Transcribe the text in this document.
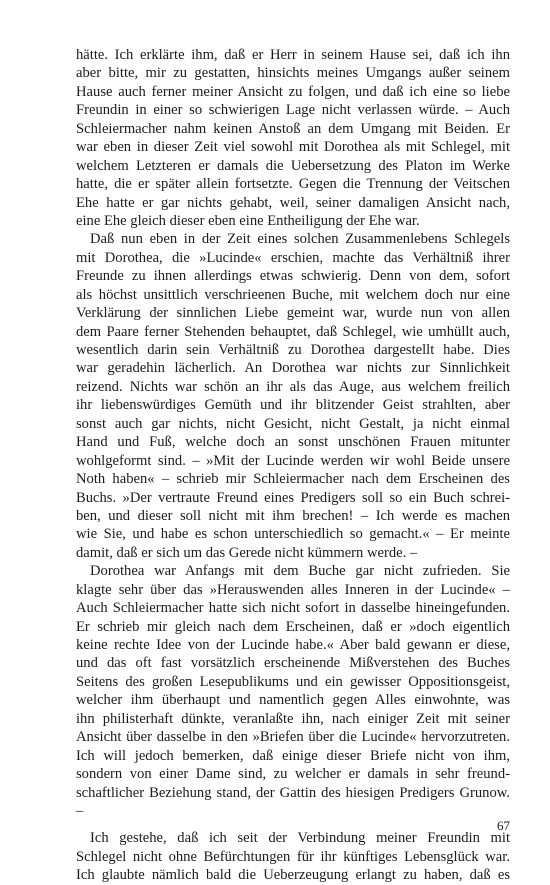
hätte. Ich erklärte ihm, daß er Herr in seinem Hause sei, daß ich ihn
aber bitte, mir zu gestatten, hinsichts meines Umgangs außer seinem
Hause auch ferner meiner Ansicht zu folgen, und daß ich eine so liebe
Freundin in einer so schwierigen Lage nicht verlassen würde. – Auch
Schleiermacher nahm keinen Anstoß an dem Umgang mit Beiden. Er
war eben in dieser Zeit viel sowohl mit Dorothea als mit Schlegel, mit
welchem Letzteren er damals die Uebersetzung des Platon im Werke
hatte, die er später allein fortsetzte. Gegen die Trennung der Veitschen
Ehe hatte er gar nichts gehabt, weil, seiner damaligen Ansicht nach,
eine Ehe gleich dieser eben eine Entheiligung der Ehe war.
Daß nun eben in der Zeit eines solchen Zusammenlebens Schlegels
mit Dorothea, die »Lucinde« erschien, machte das Verhältniß ihrer
Freunde zu ihnen allerdings etwas schwierig. Denn von dem, sofort
als höchst unsittlich verschrieenen Buche, mit welchem doch nur eine
Verklärung der sinnlichen Liebe gemeint war, wurde nun von allen
dem Paare ferner Stehenden behauptet, daß Schlegel, wie umhüllt auch,
wesentlich darin sein Verhältniß zu Dorothea dargestellt habe. Dies
war geradehin lächerlich. An Dorothea war nichts zur Sinnlichkeit
reizend. Nichts war schön an ihr als das Auge, aus welchem freilich
ihr liebenswürdiges Gemüth und ihr blitzender Geist strahlten, aber
sonst auch gar nichts, nicht Gesicht, nicht Gestalt, ja nicht einmal
Hand und Fuß, welche doch an sonst unschönen Frauen mitunter
wohlgeformt sind. – »Mit der Lucinde werden wir wohl Beide unsere
Noth haben« – schrieb mir Schleiermacher nach dem Erscheinen des
Buchs. »Der vertraute Freund eines Predigers soll so ein Buch schrei-
ben, und dieser soll nicht mit ihm brechen! – Ich werde es machen
wie Sie, und habe es schon unterschiedlich so gemacht.« – Er meinte
damit, daß er sich um das Gerede nicht kümmern werde. –
Dorothea war Anfangs mit dem Buche gar nicht zufrieden. Sie
klagte sehr über das »Herauswenden alles Inneren in der Lucinde« –
Auch Schleiermacher hatte sich nicht sofort in dasselbe hineingefunden.
Er schrieb mir gleich nach dem Erscheinen, daß er »doch eigentlich
keine rechte Idee von der Lucinde habe.« Aber bald gewann er diese,
und das oft fast vorsätzlich erscheinende Mißverstehen des Buches
Seitens des großen Lesepublikums und ein gewisser Oppositionsgeist,
welcher ihm überhaupt und namentlich gegen Alles einwohnte, was
ihn philisterhaft dünkte, veranlaßte ihn, nach einiger Zeit mit seiner
Ansicht über dasselbe in den »Briefen über die Lucinde« hervorzutreten.
Ich will jedoch bemerken, daß einige dieser Briefe nicht von ihm,
sondern von einer Dame sind, zu welcher er damals in sehr freund-
schaftlicher Beziehung stand, der Gattin des hiesigen Predigers Grunow.
–
Ich gestehe, daß ich seit der Verbindung meiner Freundin mit
Schlegel nicht ohne Befürchtungen für ihr künftiges Lebensglück war.
Ich glaubte nämlich bald die Ueberzeugung erlangt zu haben, daß es
67
